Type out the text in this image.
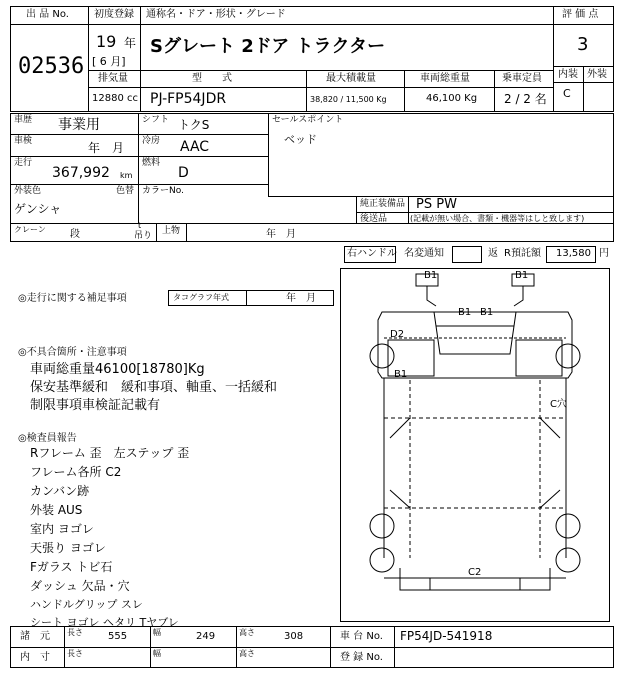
出 品 No.
02536
初度登録 通称名・ドア・形状・グレード
19 年
[ 6 月]
Sグレート 2ドア トラクター
評 価 点
3
内装 外装
C
排気量	型　　式	最大積載量	車両総重量	乗車定員
12880 cc PJ-FP54JDR	38,820 / 11,500 Kg	46,100 Kg 2 / 2 名
車歴 事業用	シフト トクS
車検	年　月 冷房 AAC
走行
367,992 km
燃料
D
外装色
ゲンシャ
色替 カラーNo.
セールスポイント
ベッド
純正装備品 PS PW
後送品	(記載が無い場合、書類・機器等はしと致します)
クレーン 段
t
吊り 上物	年　月
右ハンドル 名変通知	返 R預託額 13,580 円
◎走行に関する補足事項	タコグラフ年式	年　月
◎不具合箇所・注意事項
車両総重量46100[18780]Kg
保安基準緩和　緩和事項、軸重、一括緩和
制限事項車検証記載有
◎検査員報告
Rフレーム 歪　左ステップ 歪
フレーム各所 C2
カンバン跡
外装 AUS
室内 ヨゴレ
天張り ヨゴレ
Fガラス トビ石
ダッシュ 欠品・穴
ハンドルグリップ スレ
シート ヨゴレ ヘタリ Tヤブレ
B1	B1
B1 B1
D2
B1
C穴
C2
諸　元 長さ	555	幅	249	高さ	308	車 台 No. FP54JD-541918
内　寸 長さ	幅	高さ	登 録 No.
